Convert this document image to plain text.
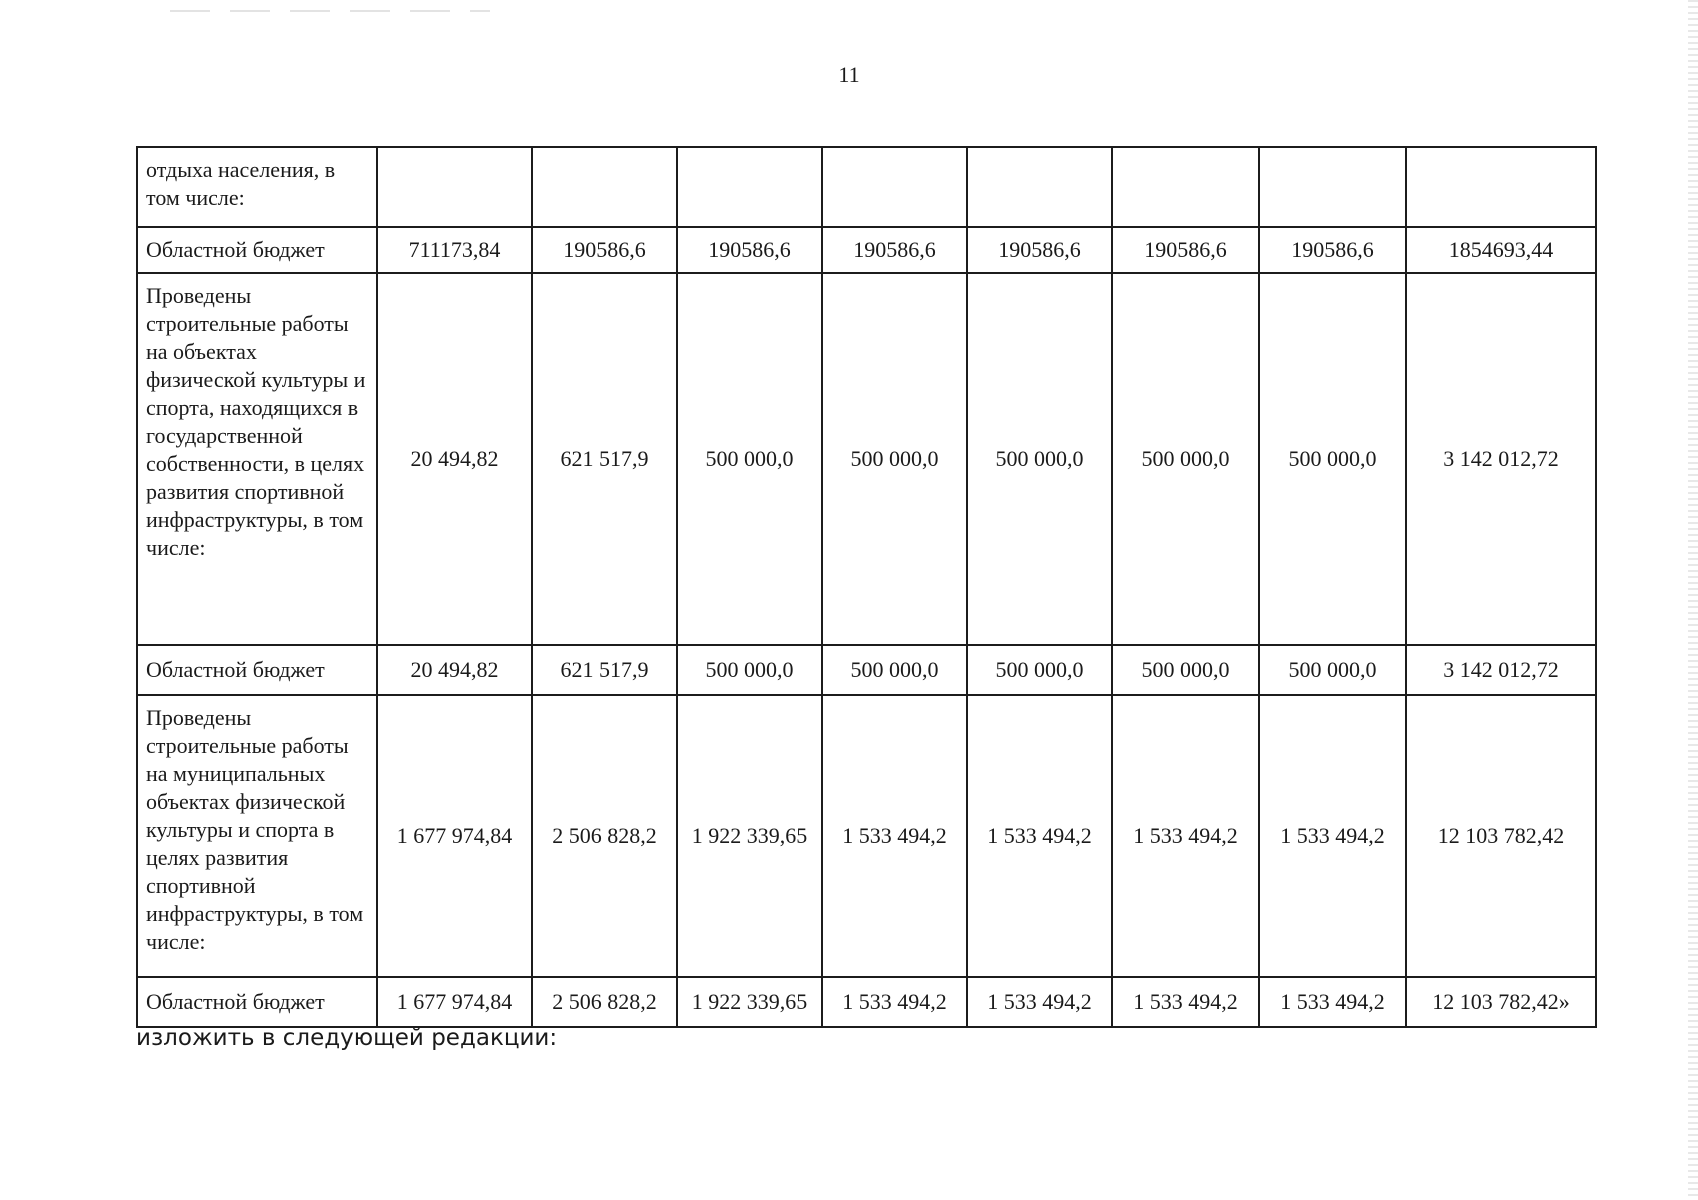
11
отдыха населения, в том числе:								
Областной бюджет	711173,84	190586,6	190586,6	190586,6	190586,6	190586,6	190586,6	1854693,44
Проведены строительные работы на объектах физической культуры и спорта, находящихся в государственной собственности, в целях развития спортивной инфраструктуры, в том числе:	20 494,82	621 517,9	500 000,0	500 000,0	500 000,0	500 000,0	500 000,0	3 142 012,72
Областной бюджет	20 494,82	621 517,9	500 000,0	500 000,0	500 000,0	500 000,0	500 000,0	3 142 012,72
Проведены строительные работы на муниципальных объектах физической культуры и спорта в целях развития спортивной инфраструктуры, в том числе:	1 677 974,84	2 506 828,2	1 922 339,65	1 533 494,2	1 533 494,2	1 533 494,2	1 533 494,2	12 103 782,42
Областной бюджет	1 677 974,84	2 506 828,2	1 922 339,65	1 533 494,2	1 533 494,2	1 533 494,2	1 533 494,2	12 103 782,42»
изложить в следующей редакции:
